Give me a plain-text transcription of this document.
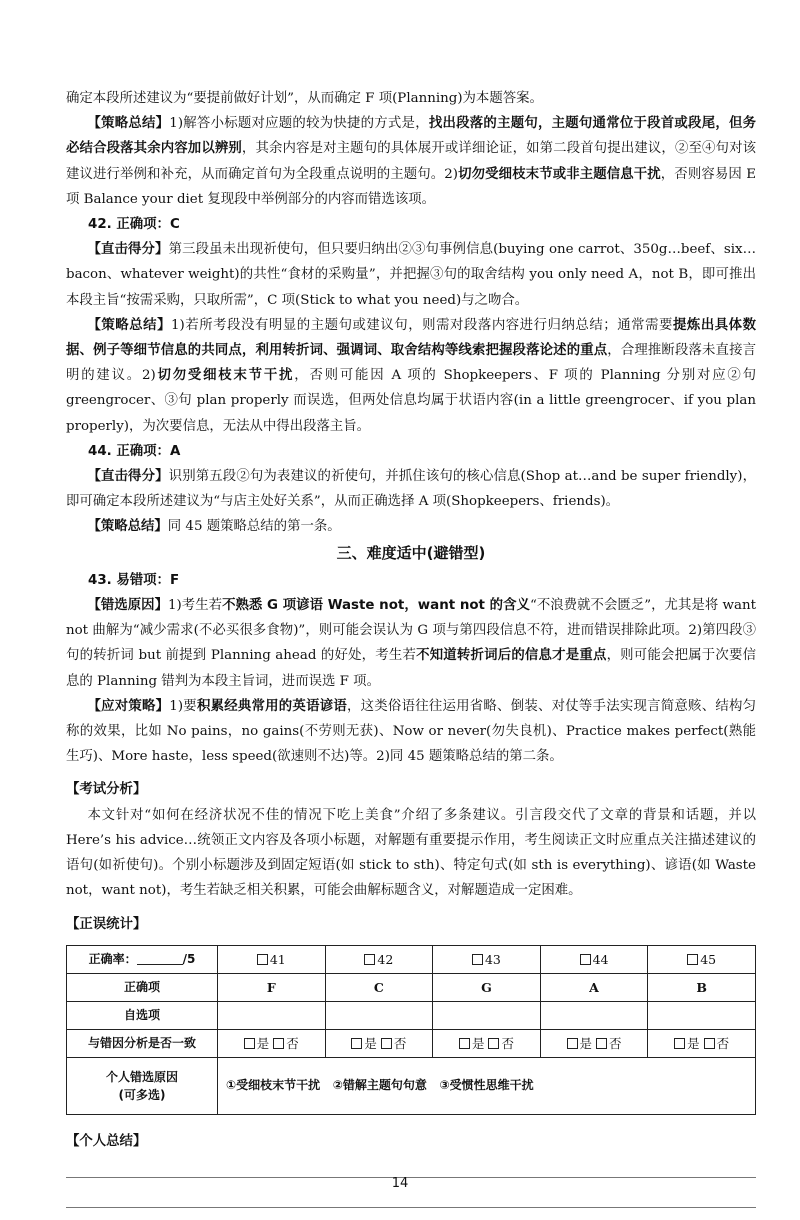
确定本段所述建议为“要提前做好计划”，从而确定 F 项(Planning)为本题答案。

【策略总结】1)解答小标题对应题的较为快捷的方式是，找出段落的主题句，主题句通常位于段首或段尾，但务必结合段落其余内容加以辨别，其余内容是对主题句的具体展开或详细论证，如第二段首句提出建议，②至④句对该建议进行举例和补充，从而确定首句为全段重点说明的主题句。2)切勿受细枝末节或非主题信息干扰，否则容易因 E 项 Balance your diet 复现段中举例部分的内容而错选该项。

42. 正确项：C

【直击得分】第三段虽未出现祈使句，但只要归纳出②③句事例信息(buying one carrot、350g…beef、six…bacon、whatever weight)的共性“食材的采购量”，并把握③句的取舍结构 you only need A，not B，即可推出本段主旨“按需采购，只取所需”，C 项(Stick to what you need)与之吻合。

【策略总结】1)若所考段没有明显的主题句或建议句，则需对段落内容进行归纳总结；通常需要提炼出具体数据、例子等细节信息的共同点，利用转折词、强调词、取舍结构等线索把握段落论述的重点，合理推断段落未直接言明的建议。2)切勿受细枝末节干扰，否则可能因 A 项的 Shopkeepers、F 项的 Planning 分别对应②句 greengrocer、③句 plan properly 而误选，但两处信息均属于状语内容(in a little greengrocer、if you plan properly)，为次要信息，无法从中得出段落主旨。

44. 正确项：A

【直击得分】识别第五段②句为表建议的祈使句，并抓住该句的核心信息(Shop at…and be super friendly)，即可确定本段所述建议为“与店主处好关系”，从而正确选择 A 项(Shopkeepers、friends)。

【策略总结】同 45 题策略总结的第一条。

三、难度适中(避错型)
43. 易错项：F

【错选原因】1)考生若不熟悉 G 项谚语 Waste not，want not 的含义“不浪费就不会匮乏”，尤其是将 want not 曲解为“减少需求(不必买很多食物)”，则可能会误认为 G 项与第四段信息不符，进而错误排除此项。2)第四段③句的转折词 but 前提到 Planning ahead 的好处，考生若不知道转折词后的信息才是重点，则可能会把属于次要信息的 Planning 错判为本段主旨词，进而误选 F 项。

【应对策略】1)要积累经典常用的英语谚语，这类俗语往往运用省略、倒装、对仗等手法实现言简意赅、结构匀称的效果，比如 No pains，no gains(不劳则无获)、Now or never(勿失良机)、Practice makes perfect(熟能生巧)、More haste，less speed(欲速则不达)等。2)同 45 题策略总结的第二条。

【考试分析】

本文针对“如何在经济状况不佳的情况下吃上美食”介绍了多条建议。引言段交代了文章的背景和话题，并以 Here’s his advice…统领正文内容及各项小标题，对解题有重要提示作用，考生阅读正文时应重点关注描述建议的语句(如祈使句)。个别小标题涉及到固定短语(如 stick to sth)、特定句式(如 sth is everything)、谚语(如 Waste not，want not)，考生若缺乏相关积累，可能会曲解标题含义，对解题造成一定困难。

【正误统计】
正确率： /5	41	42	43	44	45
正确项	F	C	G	A	B
自选项					
与错因分析是否一致	是 否	是 否	是 否	是 否	是 否

个人错选原因
(可多选)	①受细枝末节干扰 ②错解主题句句意 ③受惯性思维干扰				
【个人总结】
14
